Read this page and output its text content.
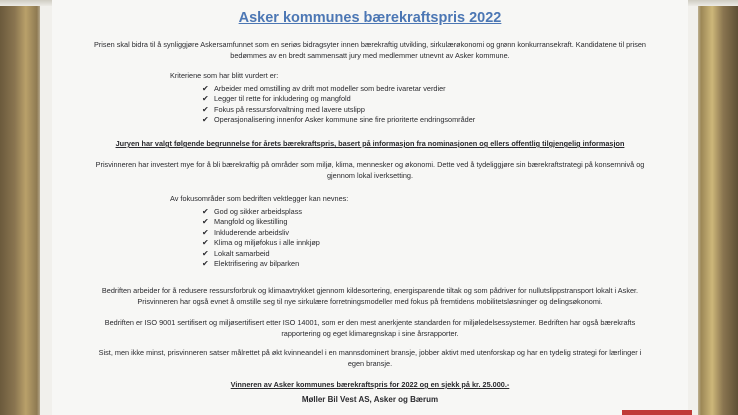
Asker kommunes bærekraftspris 2022
Prisen skal bidra til å synliggjøre Askersamfunnet som en seriøs bidragsyter innen bærekraftig utvikling, sirkulærøkonomi og grønn konkurransekraft. Kandidatene til prisen
bedømmes av en bredt sammensatt jury med medlemmer utnevnt av Asker kommune.
Kriteriene som har blitt vurdert er:
✔ Arbeider med omstilling av drift mot modeller som bedre ivaretar verdier
✔ Legger til rette for inkludering og mangfold
✔ Fokus på ressursforvaltning med lavere utslipp
✔ Operasjonalisering innenfor Asker kommune sine fire prioriterte endringsområder
Juryen har valgt følgende begrunnelse for årets bærekraftspris, basert på informasjon fra nominasjonen og ellers offentlig tilgjengelig informasjon
Prisvinneren har investert mye for å bli bærekraftig på områder som miljø, klima, mennesker og økonomi. Dette ved å tydeliggjøre sin bærekraftstrategi på konsernnivå og
gjennom lokal iverksetting.
Av fokusområder som bedriften vektlegger kan nevnes:
✔ God og sikker arbeidsplass
✔ Mangfold og likestilling
✔ Inkluderende arbeidsliv
✔ Klima og miljøfokus i alle innkjøp
✔ Lokalt samarbeid
✔ Elektrifisering av bilparken
Bedriften arbeider for å redusere ressursforbruk og klimaavtrykket gjennom kildesortering, energisparende tiltak og som pådriver for nullutslippstransport lokalt i Asker.
Prisvinneren har også evnet å omstille seg til nye sirkulære forretningsmodeller med fokus på fremtidens mobilitetsløsninger og delingsøkonomi.
Bedriften er ISO 9001 sertifisert og miljøsertifisert etter ISO 14001, som er den mest anerkjente standarden for miljøledelsessystemer. Bedriften har også bærekrafts
rapportering og eget klimaregnskap i sine årsrapporter.
Sist, men ikke minst, prisvinneren satser målrettet på økt kvinneandel i en mannsdominert bransje, jobber aktivt med utenforskap og har en tydelig strategi for lærlinger i
egen bransje.
Vinneren av Asker kommunes bærekraftspris for 2022 og en sjekk på kr. 25.000.-
Møller Bil Vest AS, Asker og Bærum
